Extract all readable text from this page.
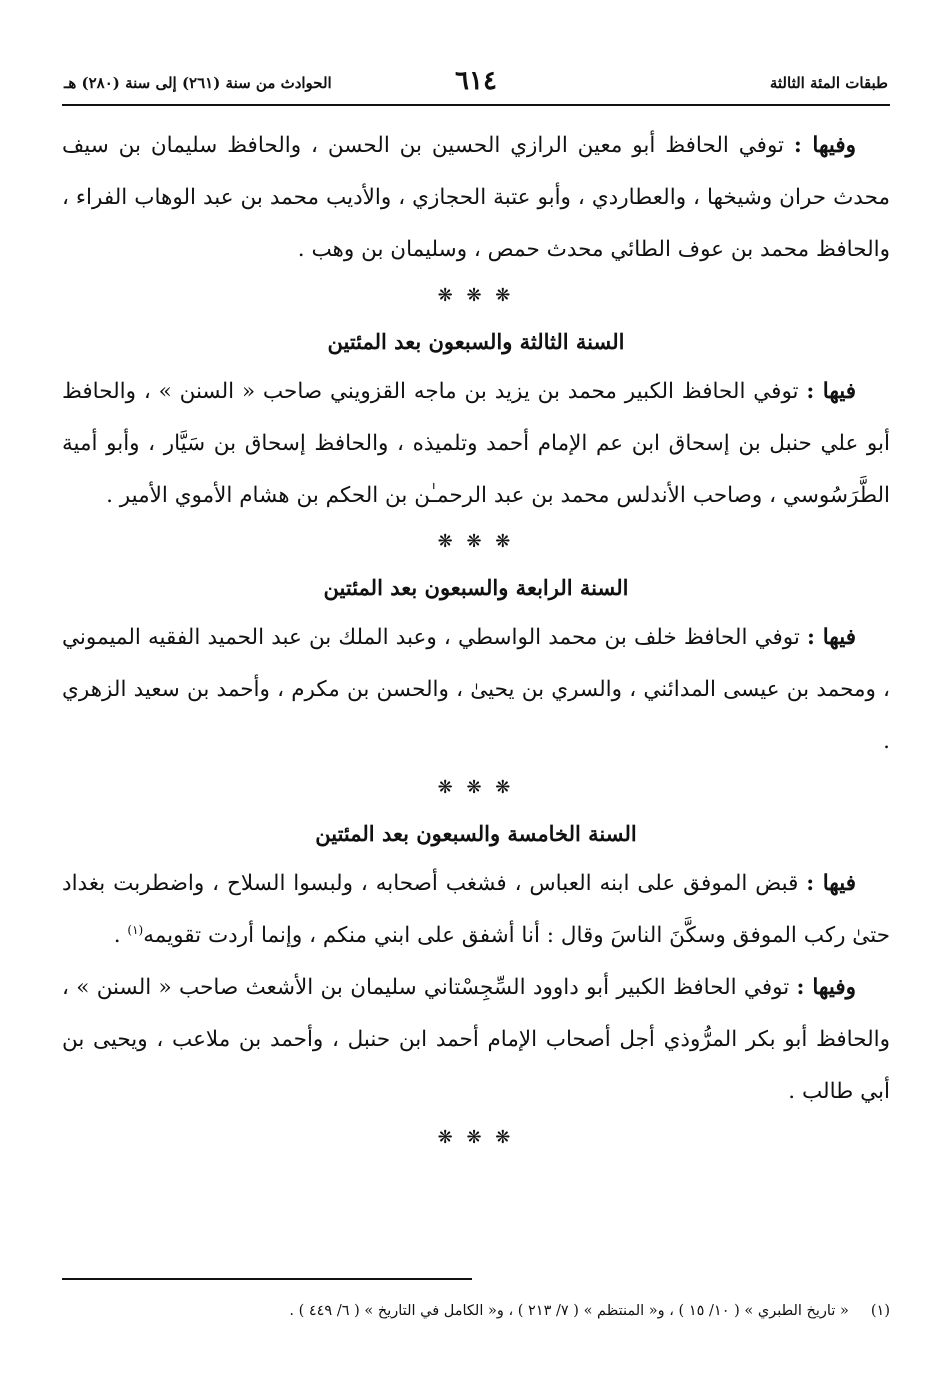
طبقات المئة الثالثة
٦١٤
الحوادث من سنة (٢٦١) إلى سنة (٢٨٠) هـ

وفيها : توفي الحافظ أبو معين الرازي الحسين بن الحسن ، والحافظ سليمان بن سيف محدث حران وشيخها ، والعطاردي ، وأبو عتبة الحجازي ، والأديب محمد بن عبد الوهاب الفراء ، والحافظ محمد بن عوف الطائي محدث حمص ، وسليمان بن وهب .

❋ ❋ ❋
السنة الثالثة والسبعون بعد المئتين

فيها : توفي الحافظ الكبير محمد بن يزيد بن ماجه القزويني صاحب « السنن » ، والحافظ أبو علي حنبل بن إسحاق ابن عم الإمام أحمد وتلميذه ، والحافظ إسحاق بن سَيَّار ، وأبو أمية الطَّرَسُوسي ، وصاحب الأندلس محمد بن عبد الرحمـٰن بن الحكم بن هشام الأموي الأمير .

❋ ❋ ❋
السنة الرابعة والسبعون بعد المئتين

فيها : توفي الحافظ خلف بن محمد الواسطي ، وعبد الملك بن عبد الحميد الفقيه الميموني ، ومحمد بن عيسى المدائني ، والسري بن يحيىٰ ، والحسن بن مكرم ، وأحمد بن سعيد الزهري .

❋ ❋ ❋
السنة الخامسة والسبعون بعد المئتين

فيها : قبض الموفق على ابنه العباس ، فشغب أصحابه ، ولبسوا السلاح ، واضطربت بغداد حتىٰ ركب الموفق وسكَّنَ الناسَ وقال : أنا أشفق على ابني منكم ، وإنما أردت تقويمه$^{(١)}$ .

وفيها : توفي الحافظ الكبير أبو داوود السِّجِسْتاني سليمان بن الأشعث صاحب « السنن » ، والحافظ أبو بكر المرُّوذي أجل أصحاب الإمام أحمد ابن حنبل ، وأحمد بن ملاعب ، ويحيى بن أبي طالب .

❋ ❋ ❋
(١)« تاريخ الطبري » ( ١٠/ ١٥ ) ، و« المنتظم » ( ٧/ ٢١٣ ) ، و« الكامل في التاريخ » ( ٦/ ٤٤٩ ) .
